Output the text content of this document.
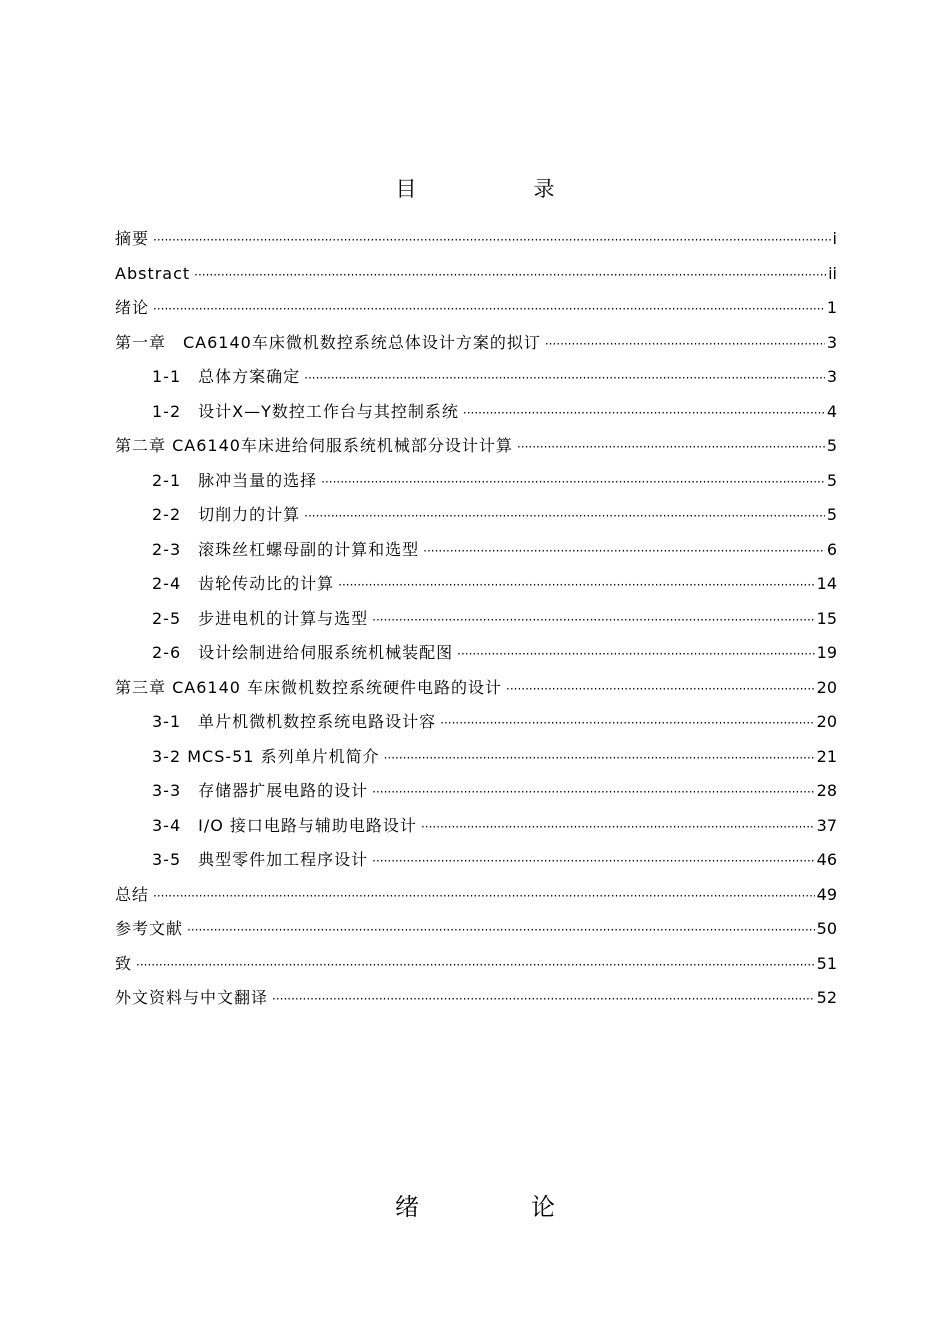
目　录
摘要 ·····	i
Abstract ·····	ii
绪论 ·····	1
第一章　CA6140车床微机数控系统总体设计方案的拟订 ·····	3
1-1　总体方案确定 ·····	3
1-2　设计X—Y数控工作台与其控制系统 ·····	4
第二章 CA6140车床进给伺服系统机械部分设计计算 ·····	5
2-1　脉冲当量的选择 ·····	5
2-2　切削力的计算 ·····	5
2-3　滚珠丝杠螺母副的计算和选型 ·····	6
2-4　齿轮传动比的计算 ·····	14
2-5　步进电机的计算与选型 ·····	15
2-6　设计绘制进给伺服系统机械装配图 ·····	19
第三章 CA6140 车床微机数控系统硬件电路的设计 ·····	20
3-1　单片机微机数控系统电路设计容 ·····	20
3-2 MCS-51 系列单片机简介 ·····	21
3-3　存储器扩展电路的设计 ·····	28
3-4　I/O 接口电路与辅助电路设计 ·····	37
3-5　典型零件加工程序设计 ·····	46
总结 ·····	49
参考文献 ·····	50
致 ·····	51
外文资料与中文翻译 ·····	52
绪　论
